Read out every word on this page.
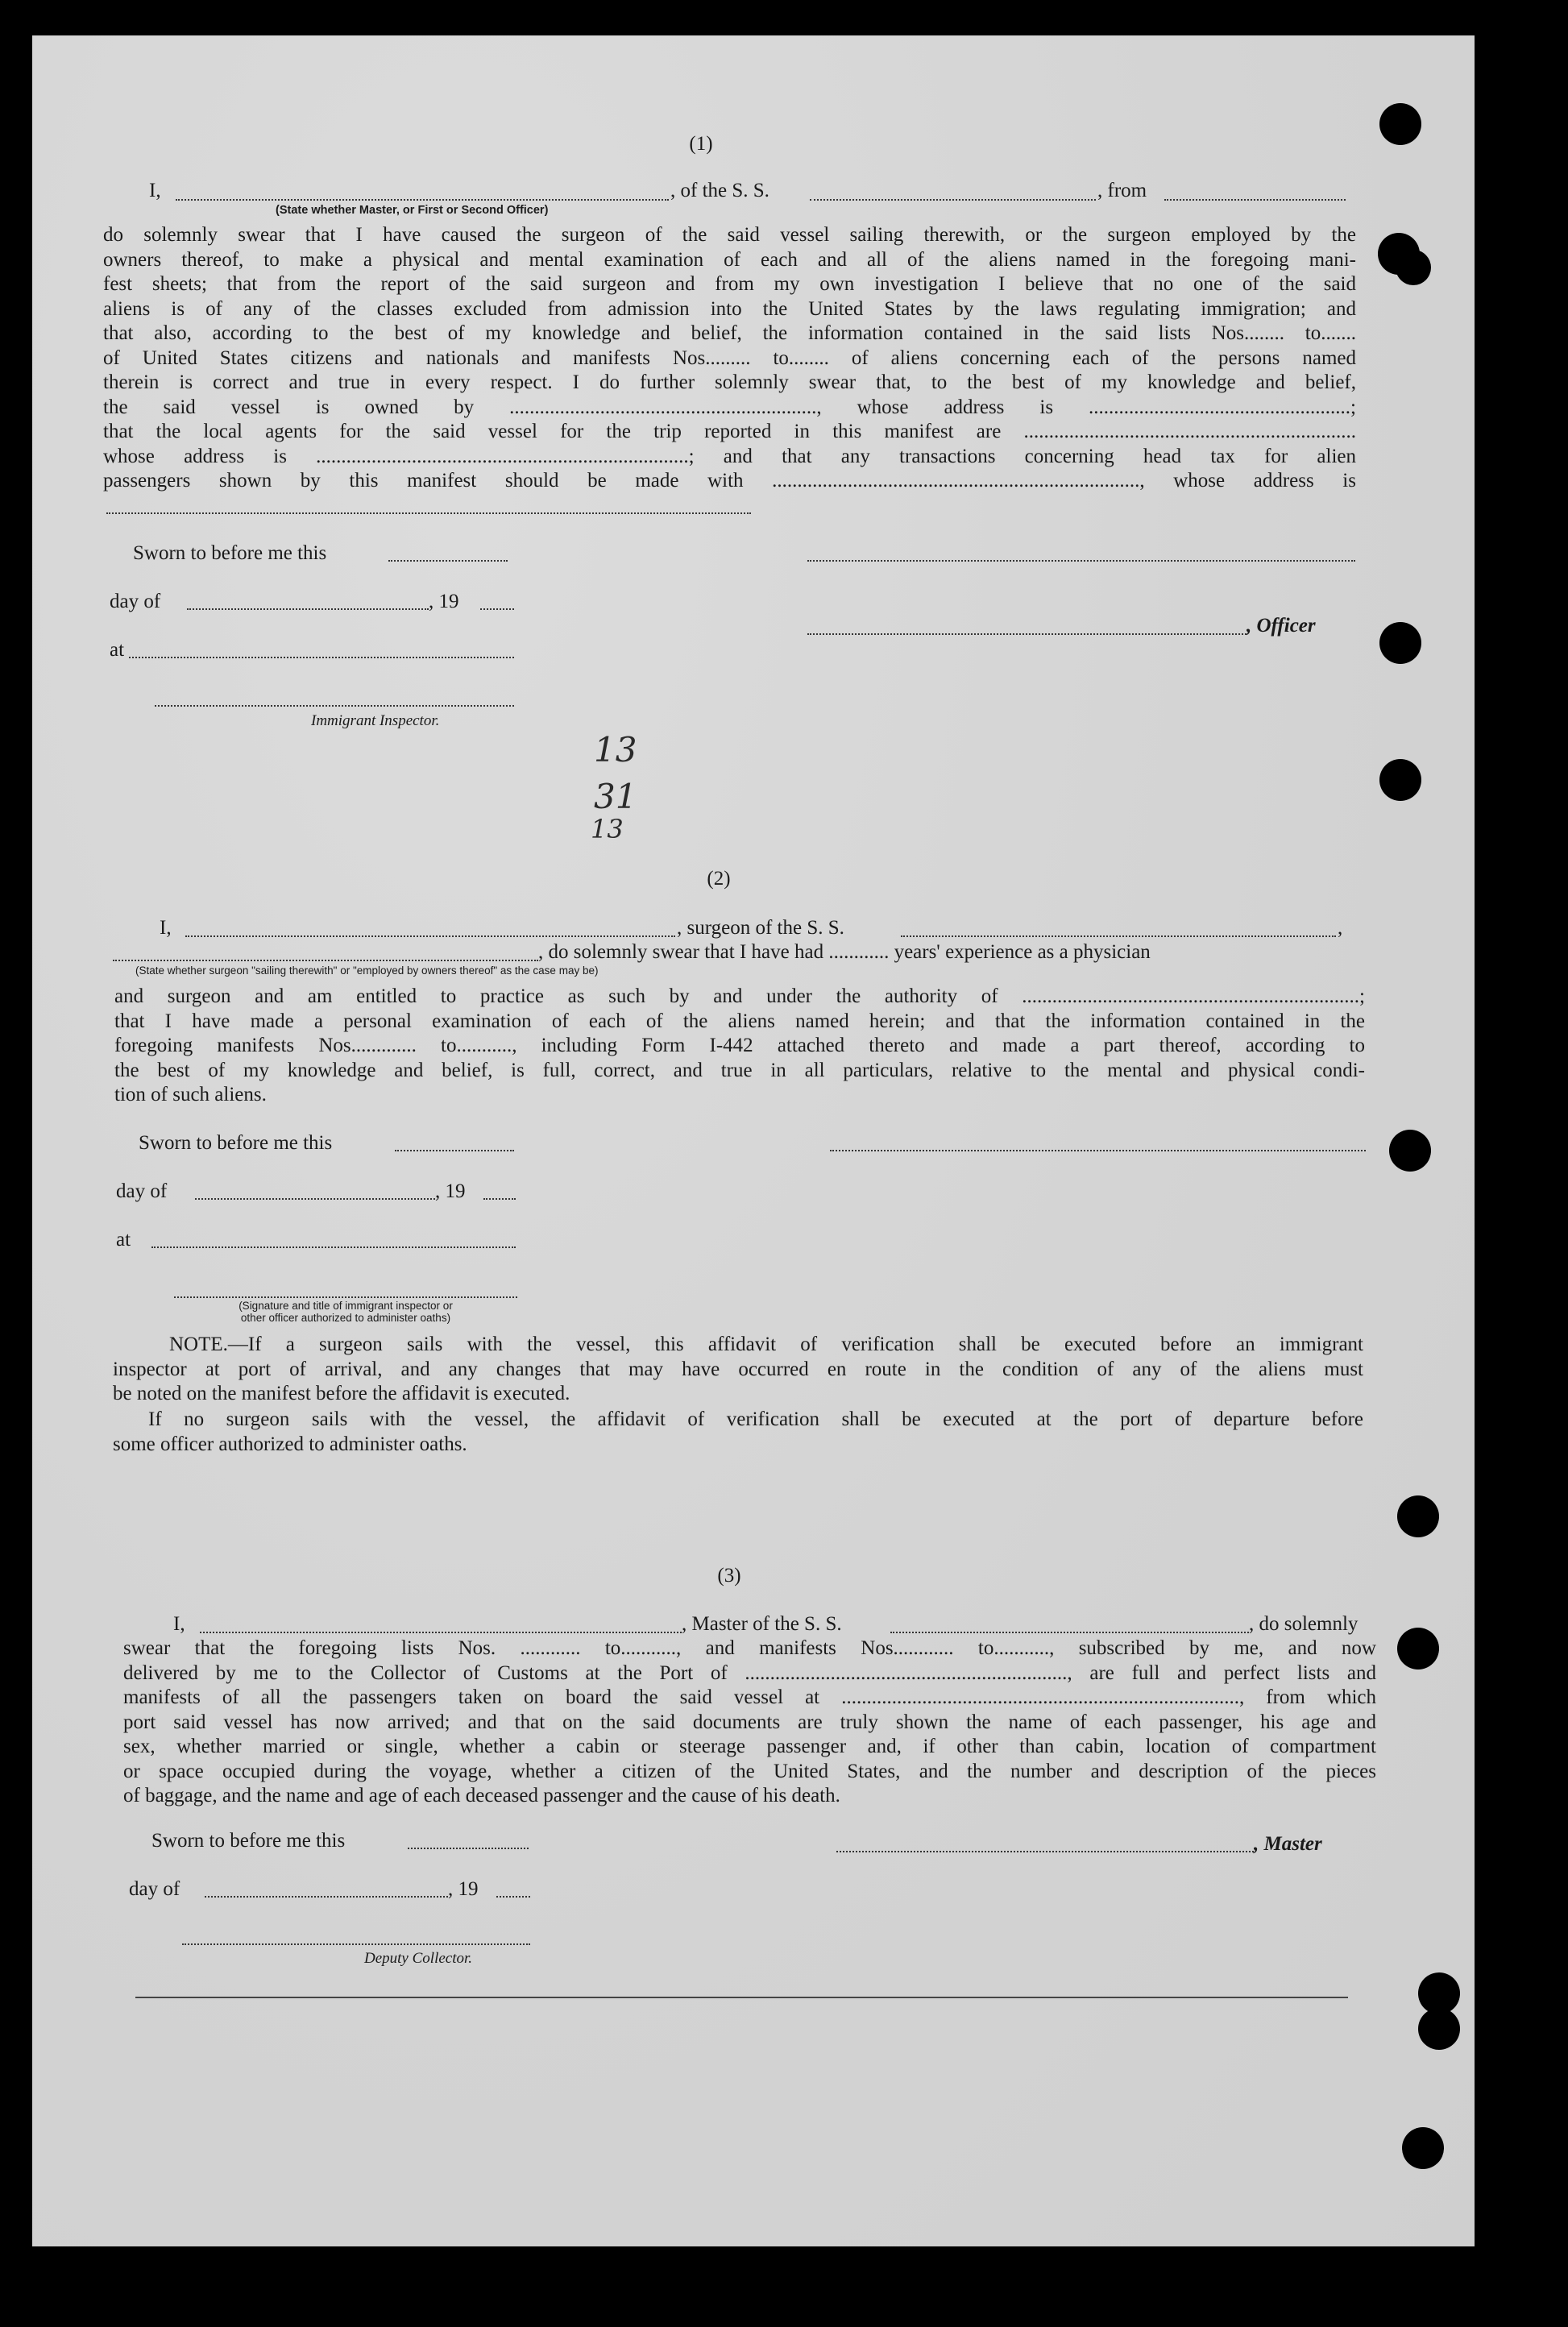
(1)
I,	, of the S. S.	, from
(State whether Master, or First or Second Officer)
do solemnly swear that I have caused the surgeon of the said vessel sailing therewith, or the surgeon employed by the
owners thereof, to make a physical and mental examination of each and all of the aliens named in the foregoing mani-
fest sheets; that from the report of the said surgeon and from my own investigation I believe that no one of the said
aliens is of any of the classes excluded from admission into the United States by the laws regulating immigration; and
that also, according to the best of my knowledge and belief, the information contained in the said lists Nos........ to.......
of United States citizens and nationals and manifests Nos......... to........ of aliens concerning each of the persons named
therein is correct and true in every respect. I do further solemnly swear that, to the best of my knowledge and belief,
the said vessel is owned by ............................................................., whose address is ....................................................;
that the local agents for the said vessel for the trip reported in this manifest are ..................................................................
whose address is ..........................................................................; and that any transactions concerning head tax for alien
passengers shown by this manifest should be made with ........................................................................., whose address is
Sworn to before me this
day of	, 19
, Officer
at
Immigrant Inspector.
13
31
13
(2)
I,	, surgeon of the S. S.	,
, do solemnly swear that I have had ............ years' experience as a physician
(State whether surgeon "sailing therewith" or "employed by owners thereof" as the case may be)
and surgeon and am entitled to practice as such by and under the authority of ...................................................................;
that I have made a personal examination of each of the aliens named herein; and that the information contained in the
foregoing manifests Nos............. to..........., including Form I-442 attached thereto and made a part thereof, according to
the best of my knowledge and belief, is full, correct, and true in all particulars, relative to the mental and physical condi-
tion of such aliens.
Sworn to before me this
day of	, 19
at
(Signature and title of immigrant inspector or
other officer authorized to administer oaths)
NOTE.—If a surgeon sails with the vessel, this affidavit of verification shall be executed before an immigrant
inspector at port of arrival, and any changes that may have occurred en route in the condition of any of the aliens must
be noted on the manifest before the affidavit is executed.
If no surgeon sails with the vessel, the affidavit of verification shall be executed at the port of departure before
some officer authorized to administer oaths.
(3)
I,	, Master of the S. S.	, do solemnly
swear that the foregoing lists Nos. ............ to..........., and manifests Nos............ to..........., subscribed by me, and now
delivered by me to the Collector of Customs at the Port of ................................................................, are full and perfect lists and
manifests of all the passengers taken on board the said vessel at ..............................................................................., from which
port said vessel has now arrived; and that on the said documents are truly shown the name of each passenger, his age and
sex, whether married or single, whether a cabin or steerage passenger and, if other than cabin, location of compartment
or space occupied during the voyage, whether a citizen of the United States, and the number and description of the pieces
of baggage, and the name and age of each deceased passenger and the cause of his death.
Sworn to before me this	, Master
day of	, 19
Deputy Collector.
